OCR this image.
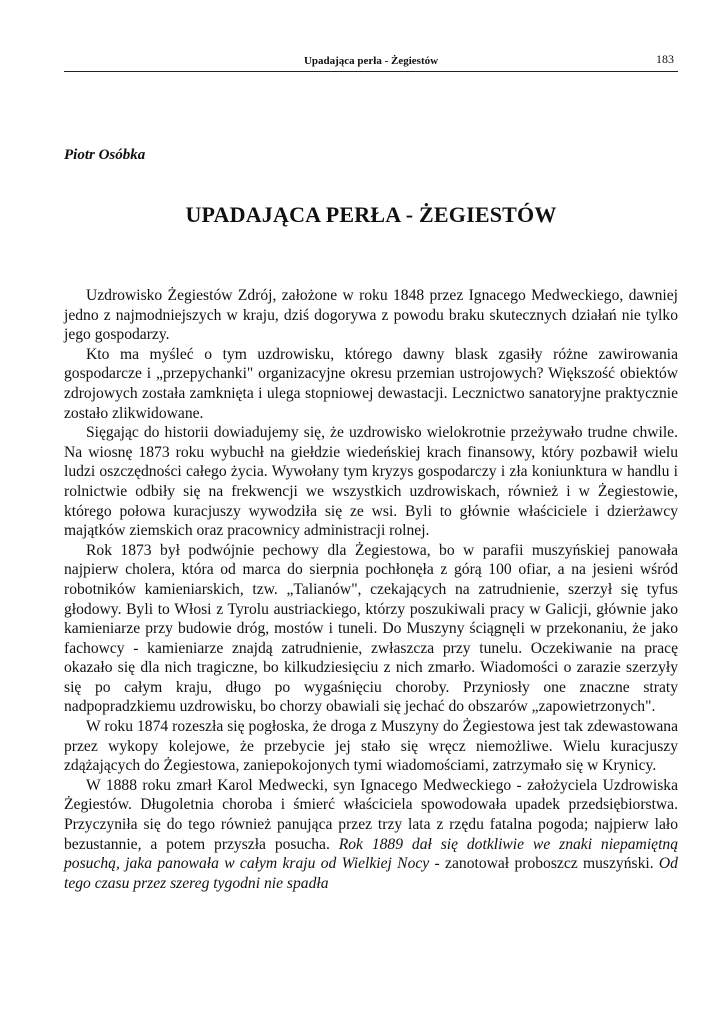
Upadająca perła - Żegiestów	183
Piotr Osóbka
UPADAJĄCA PERŁA - ŻEGIESTÓW

Uzdrowisko Żegiestów Zdrój, założone w roku 1848 przez Ignacego Medweckiego, dawniej jedno z najmodniejszych w kraju, dziś dogorywa z powodu braku skutecznych działań nie tylko jego gospodarzy.

Kto ma myśleć o tym uzdrowisku, którego dawny blask zgasiły różne zawirowania gospodarcze i „przepychanki" organizacyjne okresu przemian ustrojowych? Większość obiektów zdrojowych została zamknięta i ulega stopniowej dewastacji. Lecznictwo sanatoryjne praktycznie zostało zlikwidowane.

Sięgając do historii dowiadujemy się, że uzdrowisko wielokrotnie przeżywało trudne chwile. Na wiosnę 1873 roku wybuchł na giełdzie wiedeńskiej krach finansowy, który pozbawił wielu ludzi oszczędności całego życia. Wywołany tym kryzys gospodarczy i zła koniunktura w handlu i rolnictwie odbiły się na frekwencji we wszystkich uzdrowiskach, również i w Żegiestowie, którego połowa kuracjuszy wywodziła się ze wsi. Byli to głównie właściciele i dzierżawcy majątków ziemskich oraz pracownicy administracji rolnej.

Rok 1873 był podwójnie pechowy dla Żegiestowa, bo w parafii muszyńskiej panowała najpierw cholera, która od marca do sierpnia pochłonęła z górą 100 ofiar, a na jesieni wśród robotników kamieniarskich, tzw. „Talianów", czekających na zatrudnienie, szerzył się tyfus głodowy. Byli to Włosi z Tyrolu austriackiego, którzy poszukiwali pracy w Galicji, głównie jako kamieniarze przy budowie dróg, mostów i tuneli. Do Muszyny ściągnęli w przekonaniu, że jako fachowcy - kamieniarze znajdą zatrudnienie, zwłaszcza przy tunelu. Oczekiwanie na pracę okazało się dla nich tragiczne, bo kilkudziesięciu z nich zmarło. Wiadomości o zarazie szerzyły się po całym kraju, długo po wygaśnięciu choroby. Przyniosły one znaczne straty nadpopradzkiemu uzdrowisku, bo chorzy obawiali się jechać do obszarów „zapowietrzonych".

W roku 1874 rozeszła się pogłoska, że droga z Muszyny do Żegiestowa jest tak zdewastowana przez wykopy kolejowe, że przebycie jej stało się wręcz niemożliwe. Wielu kuracjuszy zdążających do Żegiestowa, zaniepokojonych tymi wiadomościami, zatrzymało się w Krynicy.

W 1888 roku zmarł Karol Medwecki, syn Ignacego Medweckiego - założyciela Uzdrowiska Żegiestów. Długoletnia choroba i śmierć właściciela spowodowała upadek przedsiębiorstwa. Przyczyniła się do tego również panująca przez trzy lata z rzędu fatalna pogoda; najpierw lało bezustannie, a potem przyszła posucha. Rok 1889 dał się dotkliwie we znaki niepamiętną posuchą, jaka panowała w całym kraju od Wielkiej Nocy - zanotował proboszcz muszyński. Od tego czasu przez szereg tygodni nie spadła
